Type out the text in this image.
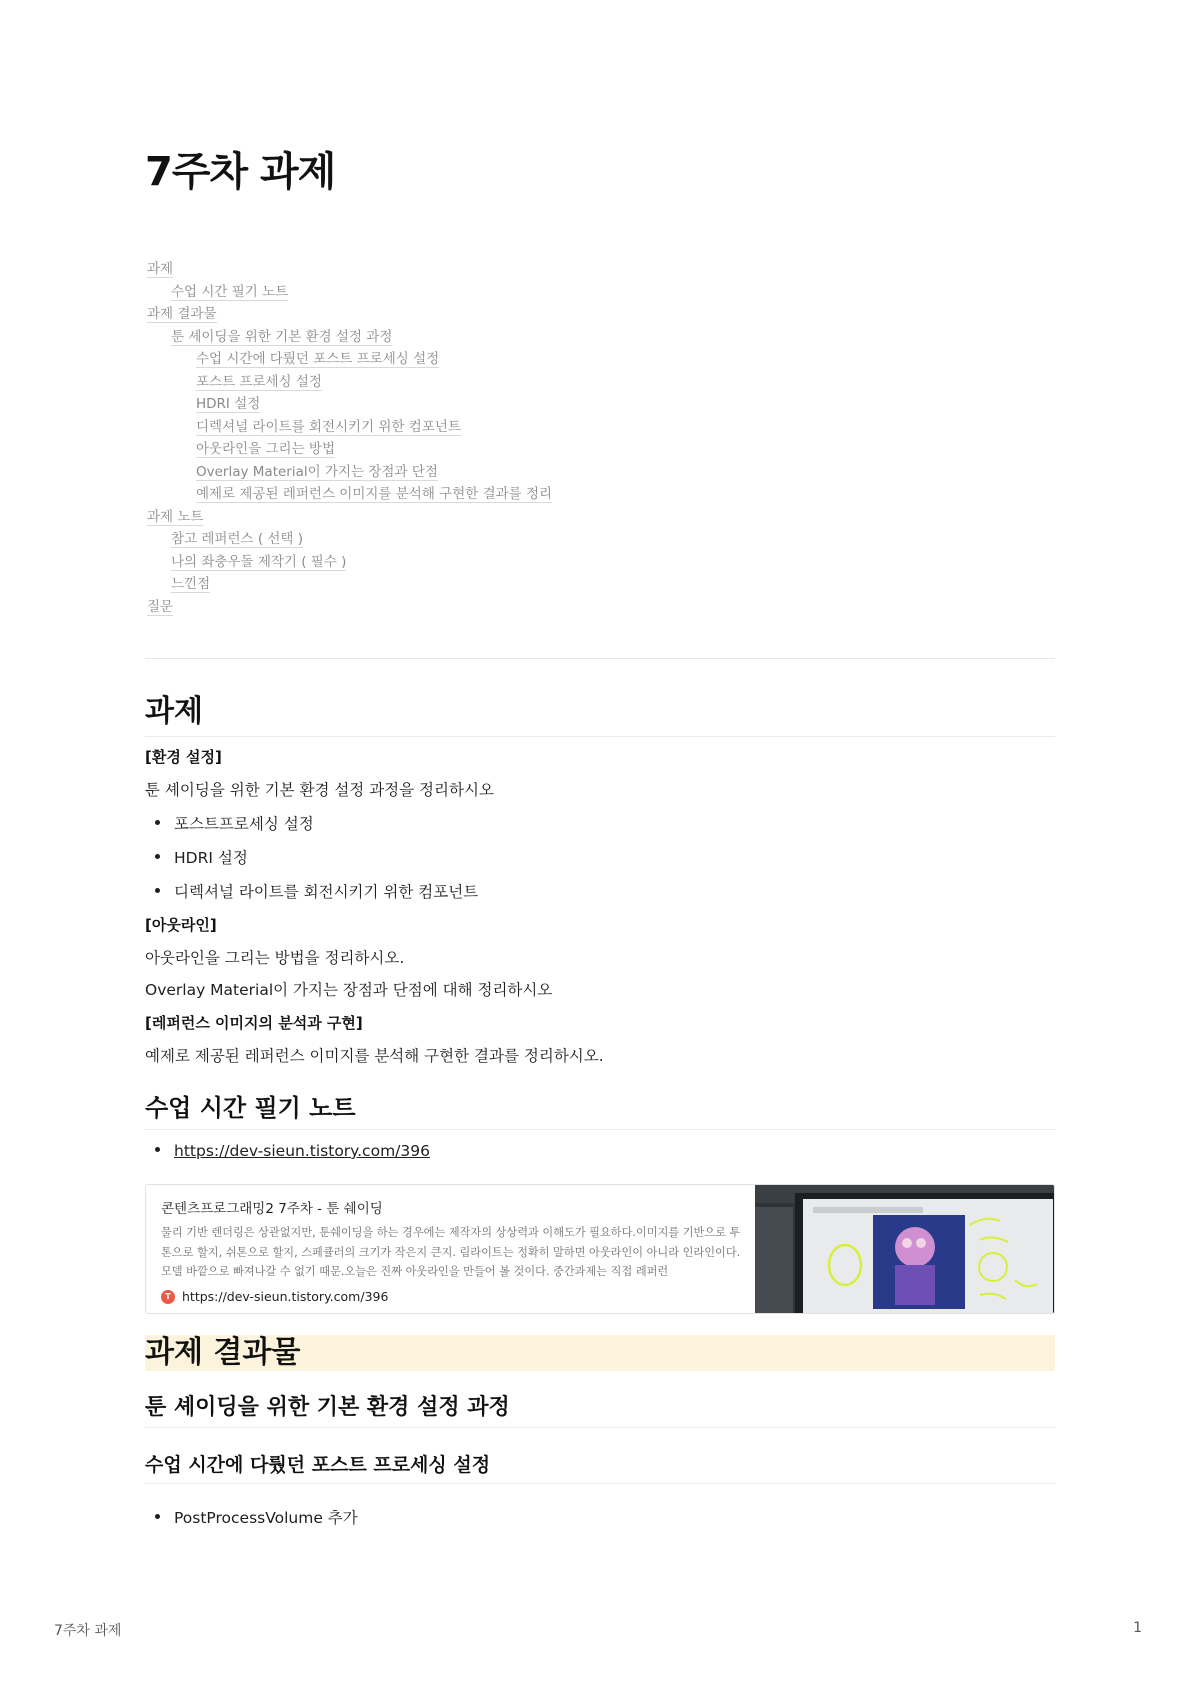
7주차 과제
과제
수업 시간 필기 노트
과제 결과물
툰 셰이딩을 위한 기본 환경 설정 과정
수업 시간에 다뤘던 포스트 프로세싱 설정
포스트 프로세싱 설정
HDRI 설정
디렉셔널 라이트를 회전시키기 위한 컴포넌트
아웃라인을 그리는 방법
Overlay Material이 가지는 장점과 단점
예제로 제공된 레퍼런스 이미지를 분석해 구현한 결과를 정리
과제 노트
참고 레퍼런스 ( 선택 )
나의 좌충우돌 제작기 ( 필수 )
느낀점
질문
과제
[환경 설정]
툰 셰이딩을 위한 기본 환경 설정 과정을 정리하시오
포스트프로세싱 설정
HDRI 설정
디렉셔널 라이트를 회전시키기 위한 컴포넌트
[아웃라인]
아웃라인을 그리는 방법을 정리하시오.
Overlay Material이 가지는 장점과 단점에 대해 정리하시오
[레퍼런스 이미지의 분석과 구현]
예제로 제공된 레퍼런스 이미지를 분석해 구현한 결과를 정리하시오.
수업 시간 필기 노트
https://dev-sieun.tistory.com/396
콘텐츠프로그래밍2 7주차 - 툰 쉐이딩
물리 기반 렌더링은 상관없지만, 툰쉐이딩을 하는 경우에는 제작자의 상상력과 이해도가 필요하다.이미지를 기반으로 투톤으로 할지, 쉬톤으로 할지, 스페큘러의 크기가 작은지 큰지. 림라이트는 정확히 말하면 아웃라인이 아니라 인라인이다. 모델 바깥으로 빠져나갈 수 없기 때문.오늘은 진짜 아웃라인을 만들어 볼 것이다. 중간과제는 직접 레퍼런
T https://dev-sieun.tistory.com/396
과제 결과물
툰 셰이딩을 위한 기본 환경 설정 과정
수업 시간에 다뤘던 포스트 프로세싱 설정
PostProcessVolume 추가
7주차 과제	1
